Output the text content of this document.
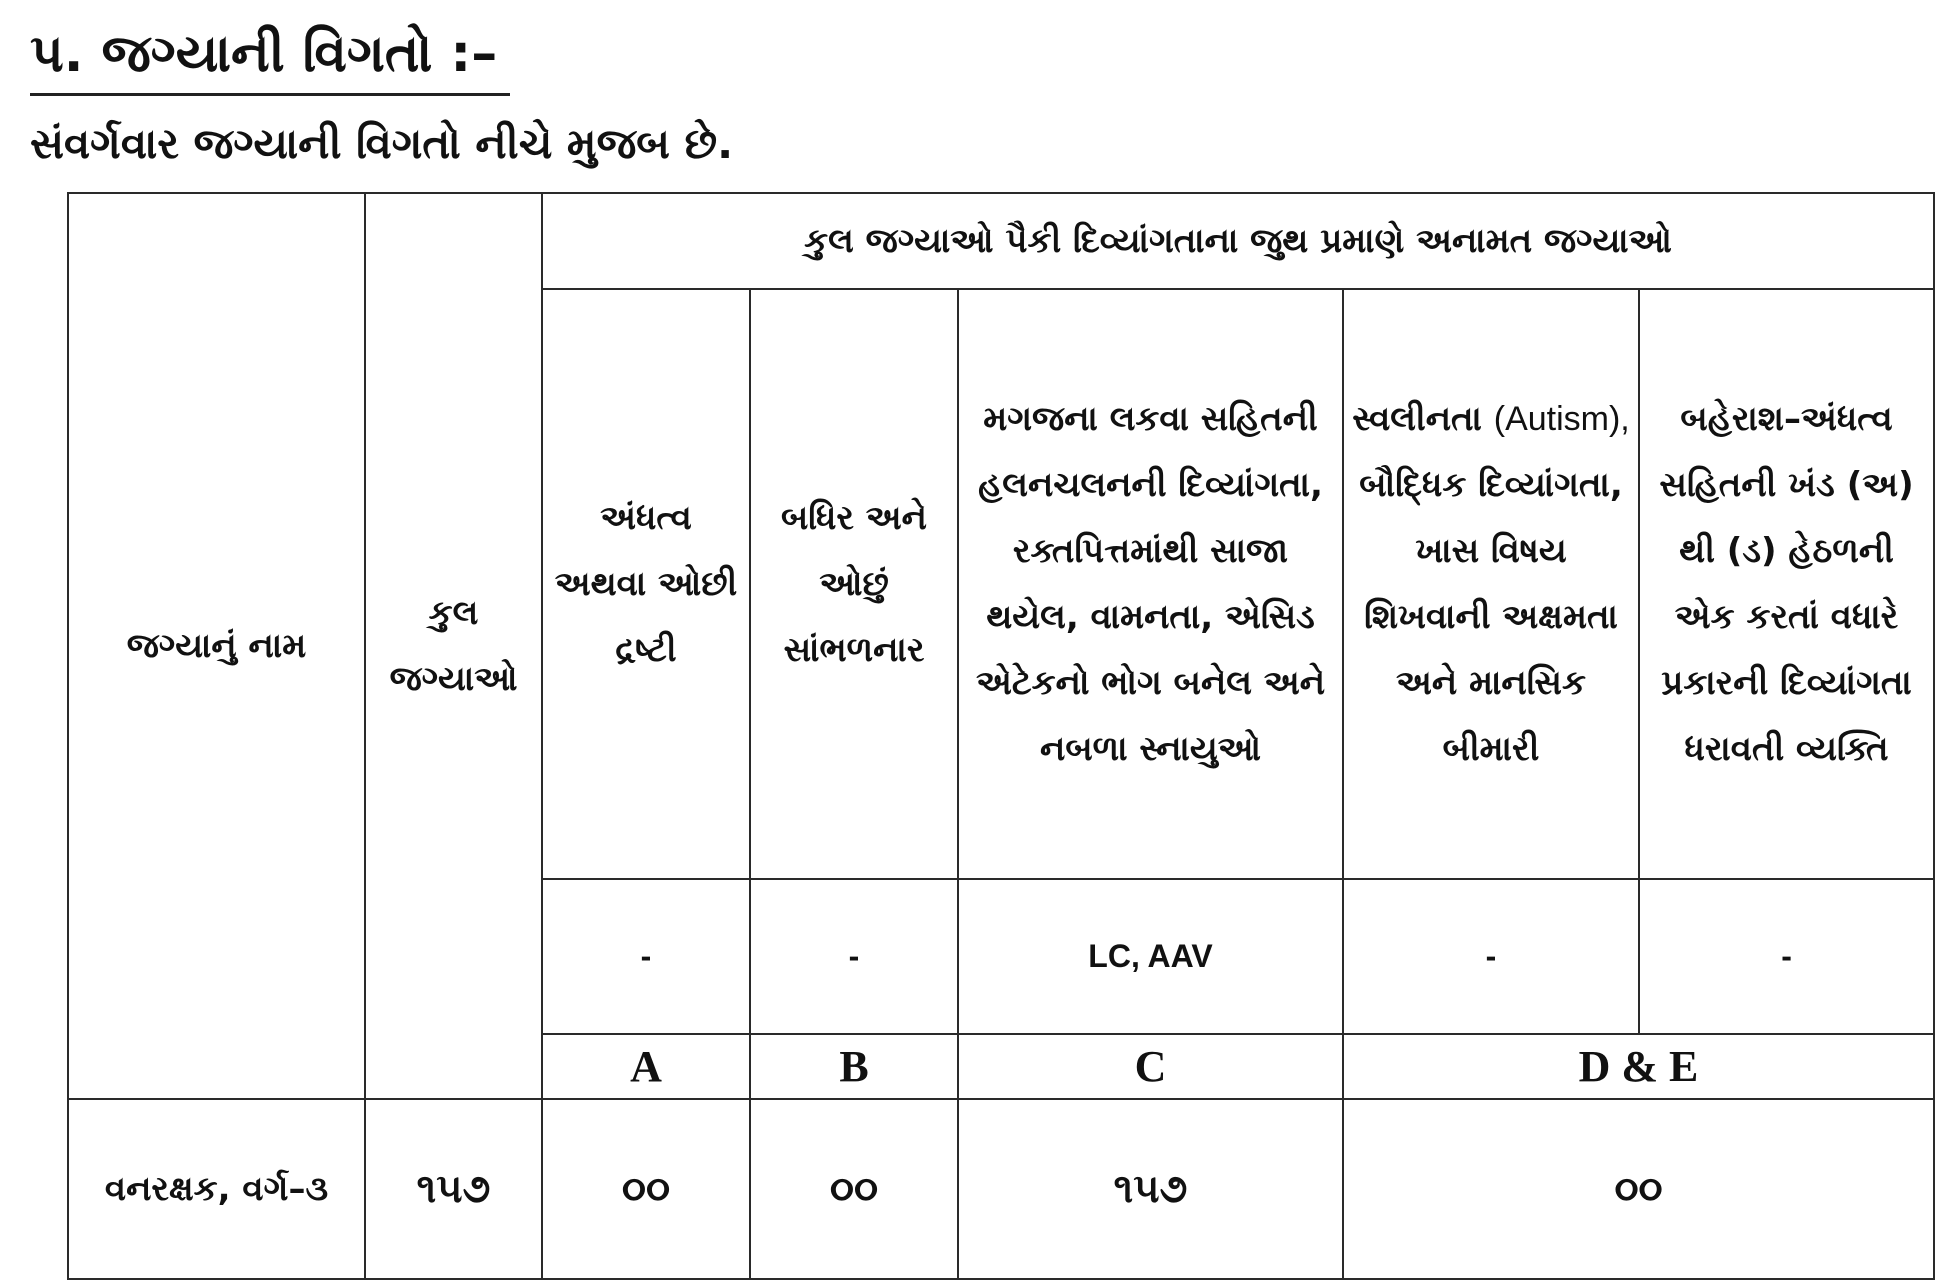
પ. જગ્યાની વિગતો :–
સંવર્ગવાર જગ્યાની વિગતો નીચે મુજબ છે.
જગ્યાનું નામ	કુલ જગ્યાઓ	કુલ જગ્યાઓ પૈકી દિવ્યાંગતાના જુથ પ્રમાણે અનામત જગ્યાઓ				
		અંધત્વ અથવા ઓછી દ્રષ્ટી	બધિર અને ઓછું સાંભળનાર	મગજના લકવા સહિતની હલનચલનની દિવ્યાંગતા, રક્તપિત્તમાંથી સાજા થયેલ, વામનતા, એસિડ એટેકનો ભોગ બનેલ અને નબળા સ્નાયુઓ	સ્વલીનતા (Autism), બૌદ્ધિક દિવ્યાંગતા, ખાસ વિષય શિખવાની અક્ષમતા અને માનસિક બીમારી	બહેરાશ–અંધત્વ સહિતની ખંડ (અ) થી (ડ) હેઠળની એક કરતાં વધારે પ્રકારની દિવ્યાંગતા ધરાવતી વ્યક્તિ
		-	-	LC, AAV	-	-
		A	B	C	D & E	
વનરક્ષક, વર્ગ–૩	૧૫૭	૦૦	૦૦	૧૫૭	૦૦	
